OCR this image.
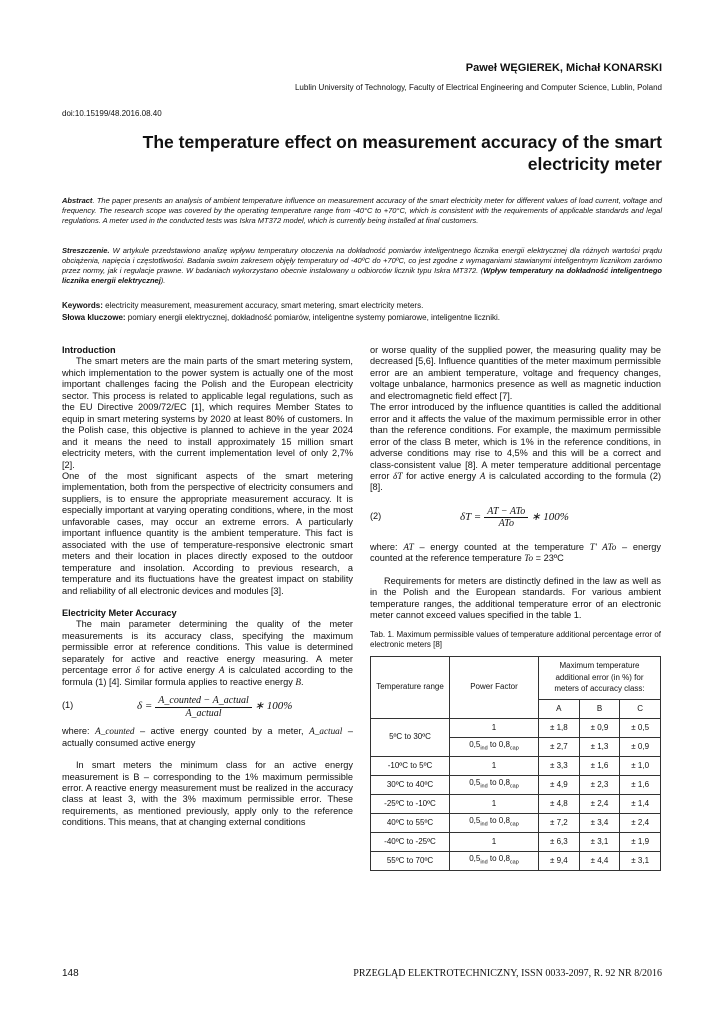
Paweł WĘGIEREK, Michał KONARSKI
Lublin University of Technology, Faculty of Electrical Engineering and Computer Science, Lublin, Poland
doi:10.15199/48.2016.08.40
The temperature effect on measurement accuracy of the smart electricity meter
Abstract. The paper presents an analysis of ambient temperature influence on measurement accuracy of the smart electricity meter for different values of load current, voltage and frequency. The research scope was covered by the operating temperature range from -40°C to +70°C, which is consistent with the requirements of applicable standards and legal regulations. A meter used in the conducted tests was Iskra MT372 model, which is currently being installed at final customers.
Streszczenie. W artykule przedstawiono analizę wpływu temperatury otoczenia na dokładność pomiarów inteligentnego licznika energii elektrycznej dla różnych wartości prądu obciążenia, napięcia i częstotliwości. Badania swoim zakresem objęły temperatury od -40ºC do +70ºC, co jest zgodne z wymaganiami stawianymi inteligentnym licznikom zarówno przez normy, jak i regulacje prawne. W badaniach wykorzystano obecnie instalowany u odbiorców licznik typu Iskra MT372. (Wpływ temperatury na dokładność inteligentnego licznika energii elektrycznej).
Keywords: electricity measurement, measurement accuracy, smart metering, smart electricity meters.
Słowa kluczowe: pomiary energii elektrycznej, dokładność pomiarów, inteligentne systemy pomiarowe, inteligentne liczniki.
Introduction

The smart meters are the main parts of the smart metering system, which implementation to the power system is actually one of the most important challenges facing the Polish and the European electricity sector. This process is related to applicable legal regulations, such as the EU Directive 2009/72/EC [1], which requires Member States to equip in smart metering systems by 2020 at least 80% of customers. In the Polish case, this objective is planned to achieve in the year 2024 and it means the need to install approximately 15 million smart electricity meters, with the current implementation level of only 2,7% [2].

One of the most significant aspects of the smart metering implementation, both from the perspective of electricity consumers and suppliers, is to ensure the appropriate measurement accuracy. It is especially important at varying operating conditions, where, in the most unfavorable cases, may occur an extreme errors. A particularly important influence quantity is the ambient temperature. This fact is associated with the use of temperature-responsive electronic smart meters and their location in places directly exposed to the outdoor temperature and insolation. According to previous research, a temperature and its fluctuations have the greatest impact on stability and reliability of all electronic devices and modules [3].

Electricity Meter Accuracy

The main parameter determining the quality of the meter measurements is its accuracy class, specifying the maximum permissible error at reference conditions. This value is determined separately for active and reactive energy measuring. A meter percentage error δ for active energy A is calculated according to the formula (1) [4]. Similar formula applies to reactive energy B.

(1)	$\delta = \frac{\text{A\_counted − A\_actual}}{\text{A\_actual}}$ ∗ 100%

where: A_counted – active energy counted by a meter, A_actual – actually consumed active energy

In smart meters the minimum class for an active energy measurement is B – corresponding to the 1% maximum permissible error. A reactive energy measurement must be realized in the accuracy class at least 3, with the 3% maximum permissible error. These requirements, as mentioned previously, apply only to the reference conditions. This means, that at changing external conditions

or worse quality of the supplied power, the measuring quality may be decreased [5,6]. Influence quantities of the meter maximum permissible error are an ambient temperature, voltage and frequency changes, voltage unbalance, harmonics presence as well as magnetic induction and electromagnetic field effect [7].

The error introduced by the influence quantities is called the additional error and it affects the value of the maximum permissible error in other than the reference conditions. For example, the maximum permissible error of the class B meter, which is 1% in the reference conditions, in adverse conditions may rise to 4,5% and this will be a correct and class-consistent value [8]. A meter temperature additional percentage error δT for active energy A is calculated according to the formula (2) [8].

(2)	$\delta T = \frac{\text{AT − ATo}}{\text{ATo}}$ ∗ 100%

where: AT – energy counted at the temperature T' ATo – energy counted at the reference temperature To = 23ºC

Requirements for meters are distinctly defined in the law as well as in the Polish and the European standards. For various ambient temperature ranges, the additional temperature error of an electronic meter cannot exceed values specified in the table 1.

Tab. 1. Maximum permissible values of temperature additional percentage error of electronic meters [8]
Temperature range	Power Factor	Maximum temperature additional error (in %) for meters of accuracy class:		
		A	B	C
5ºC to 30ºC	1	± 1,8	± 0,9	± 0,5
	$0,5_{ind}$ to $0,8_{cap}$	± 2,7	± 1,3	± 0,9
-10ºC to 5ºC	1	± 3,3	± 1,6	± 1,0
30ºC to 40ºC	$0,5_{ind}$ to $0,8_{cap}$	± 4,9	± 2,3	± 1,6
-25ºC to -10ºC	1	± 4,8	± 2,4	± 1,4
40ºC to 55ºC	$0,5_{ind}$ to $0,8_{cap}$	± 7,2	± 3,4	± 2,4
-40ºC to -25ºC	1	± 6,3	± 3,1	± 1,9
55ºC to 70ºC	$0,5_{ind}$ to $0,8_{cap}$	± 9,4	± 4,4	± 3,1
148	PRZEGLĄD ELEKTROTECHNICZNY, ISSN 0033-2097, R. 92 NR 8/2016
